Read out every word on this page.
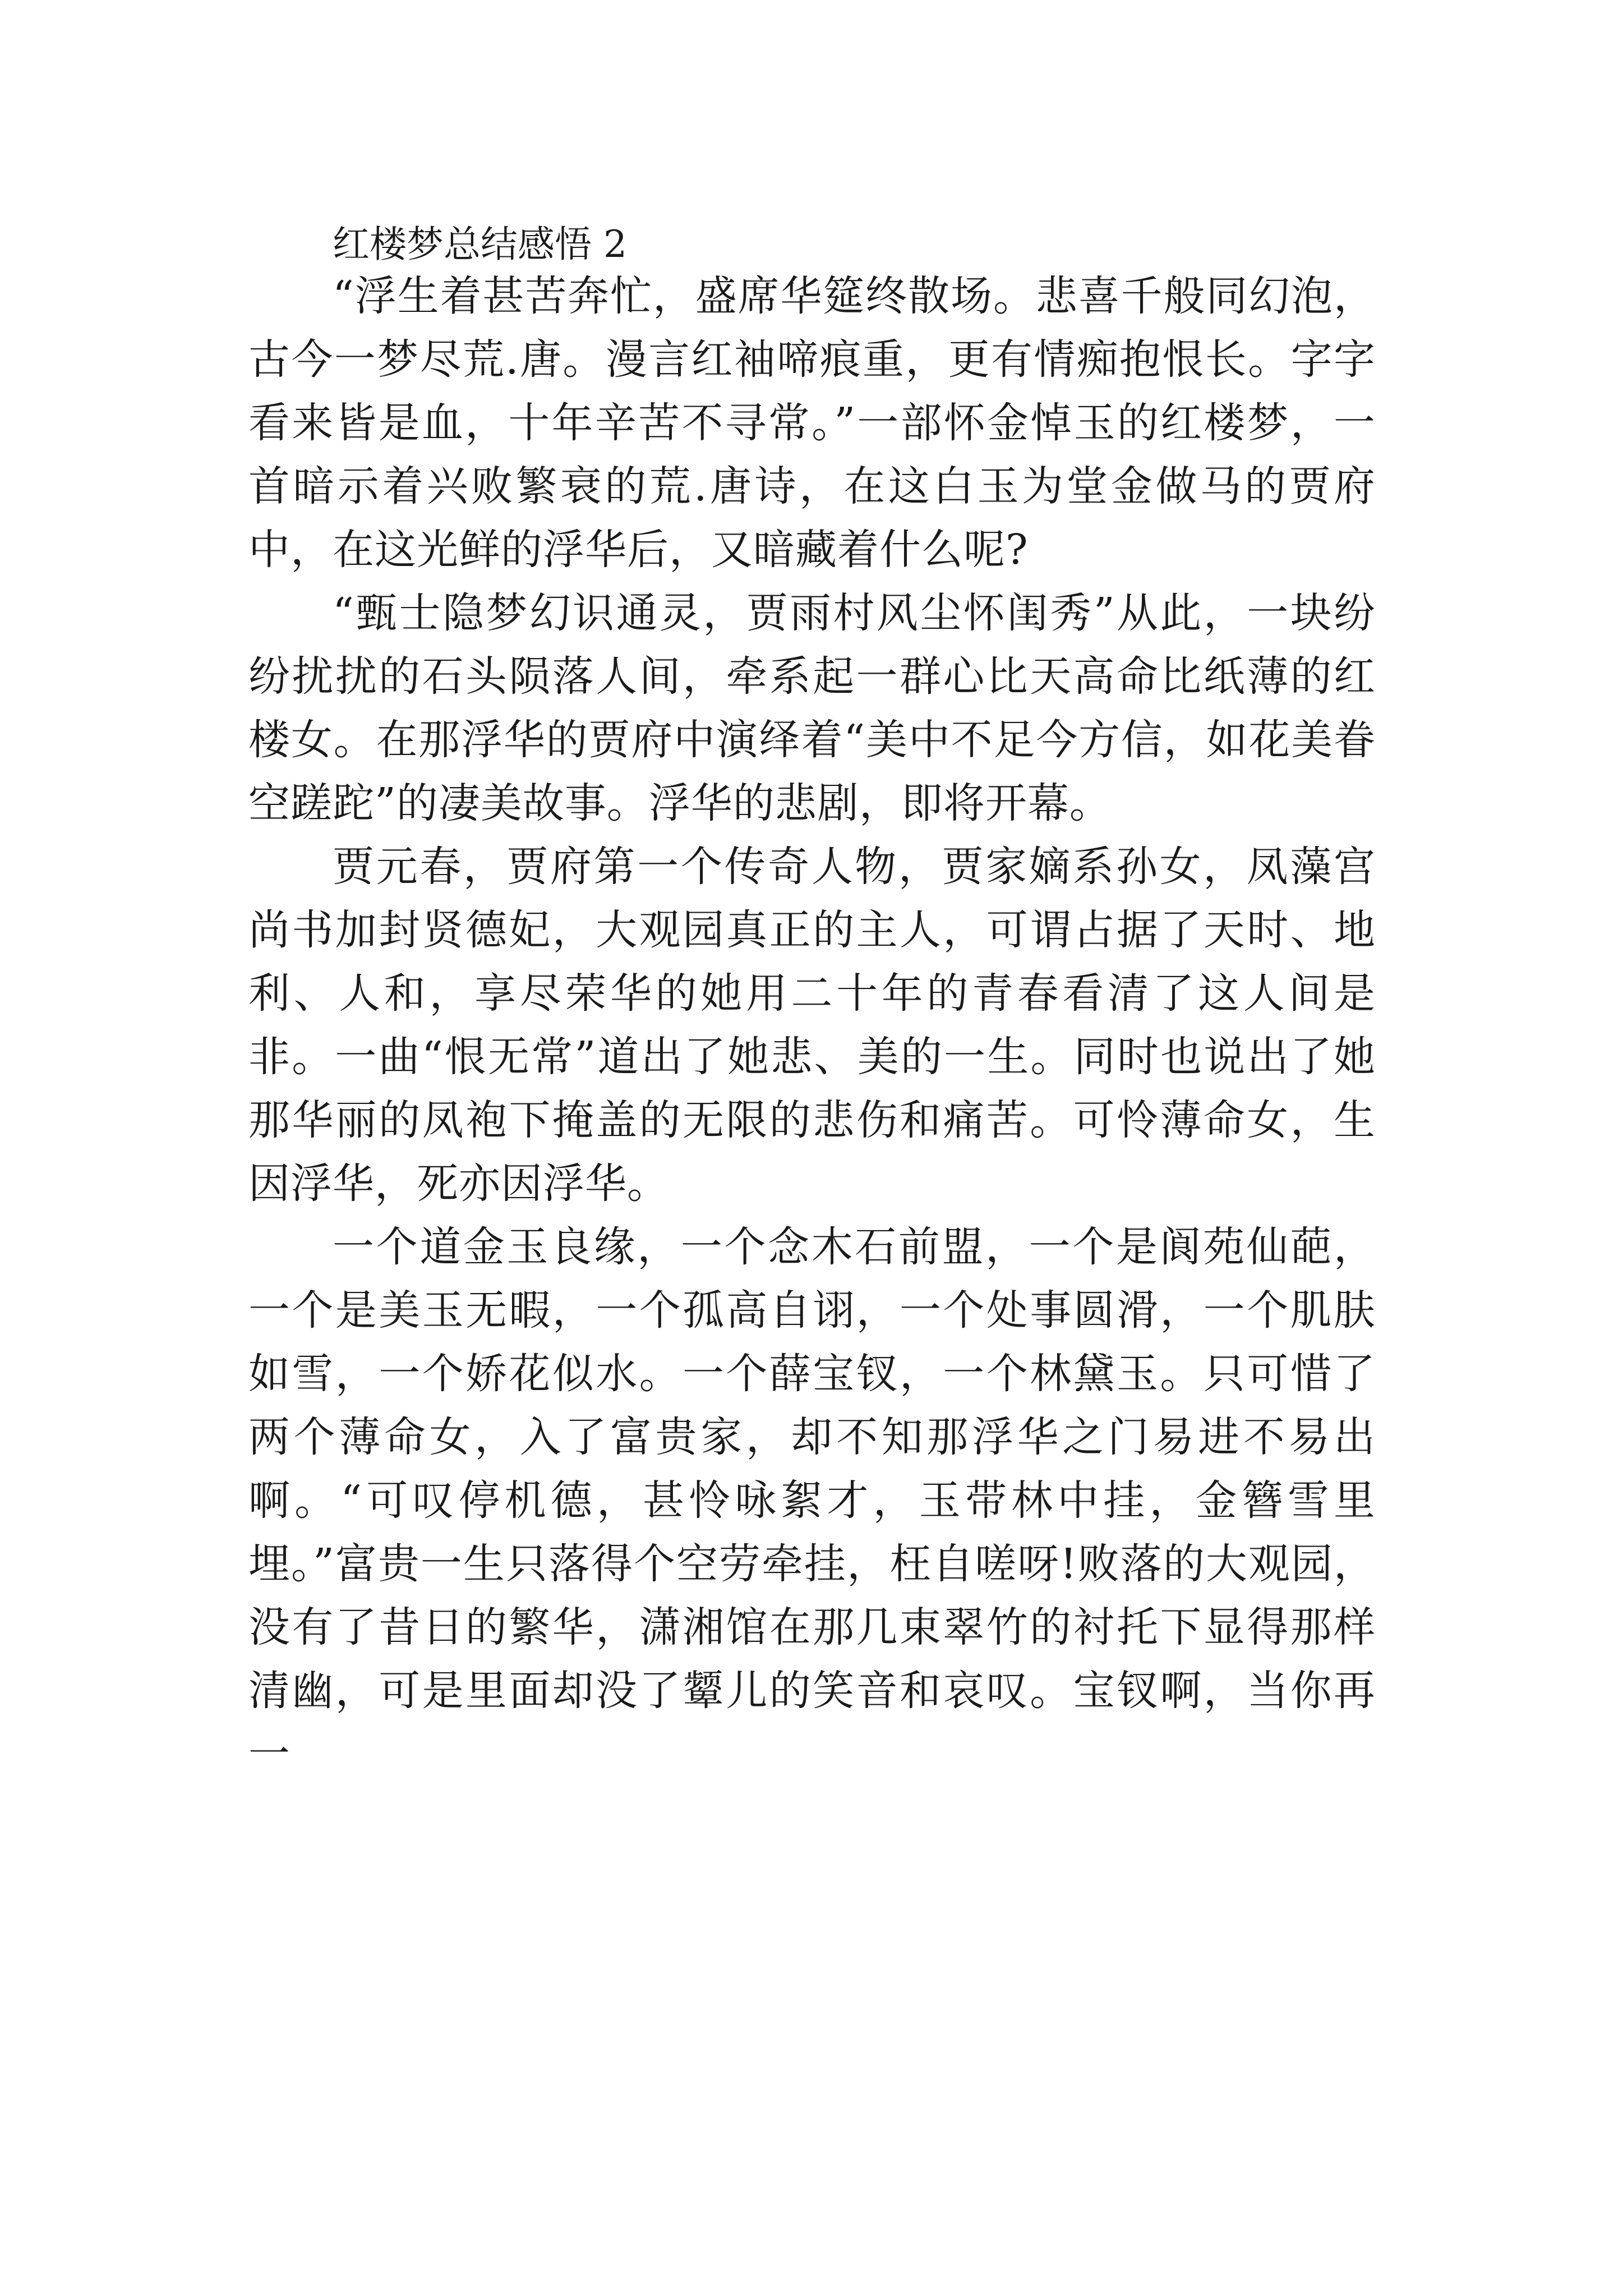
红楼梦总结感悟 2

“浮生着甚苦奔忙，盛席华筵终散场。悲喜千般同幻泡，古今一梦尽荒.唐。漫言红袖啼痕重，更有情痴抱恨长。字字看来皆是血，十年辛苦不寻常。”一部怀金悼玉的红楼梦，一首暗示着兴败繁衰的荒.唐诗，在这白玉为堂金做马的贾府中，在这光鲜的浮华后，又暗藏着什么呢?

“甄士隐梦幻识通灵，贾雨村风尘怀闺秀”从此，一块纷纷扰扰的石头陨落人间，牵系起一群心比天高命比纸薄的红楼女。在那浮华的贾府中演绎着“美中不足今方信，如花美眷空蹉跎”的凄美故事。浮华的悲剧，即将开幕。

贾元春，贾府第一个传奇人物，贾家嫡系孙女，凤藻宫尚书加封贤德妃，大观园真正的主人，可谓占据了天时、地利、人和，享尽荣华的她用二十年的青春看清了这人间是非。一曲“恨无常”道出了她悲、美的一生。同时也说出了她那华丽的凤袍下掩盖的无限的悲伤和痛苦。可怜薄命女，生因浮华，死亦因浮华。

一个道金玉良缘，一个念木石前盟，一个是阆苑仙葩，一个是美玉无暇，一个孤高自诩，一个处事圆滑，一个肌肤如雪，一个娇花似水。一个薛宝钗，一个林黛玉。只可惜了两个薄命女，入了富贵家，却不知那浮华之门易进不易出啊。“可叹停机德，甚怜咏絮才，玉带林中挂，金簪雪里埋。”富贵一生只落得个空劳牵挂，枉自嗟呀!败落的大观园，没有了昔日的繁华，潇湘馆在那几束翠竹的衬托下显得那样清幽，可是里面却没了颦儿的笑音和哀叹。宝钗啊，当你再一
